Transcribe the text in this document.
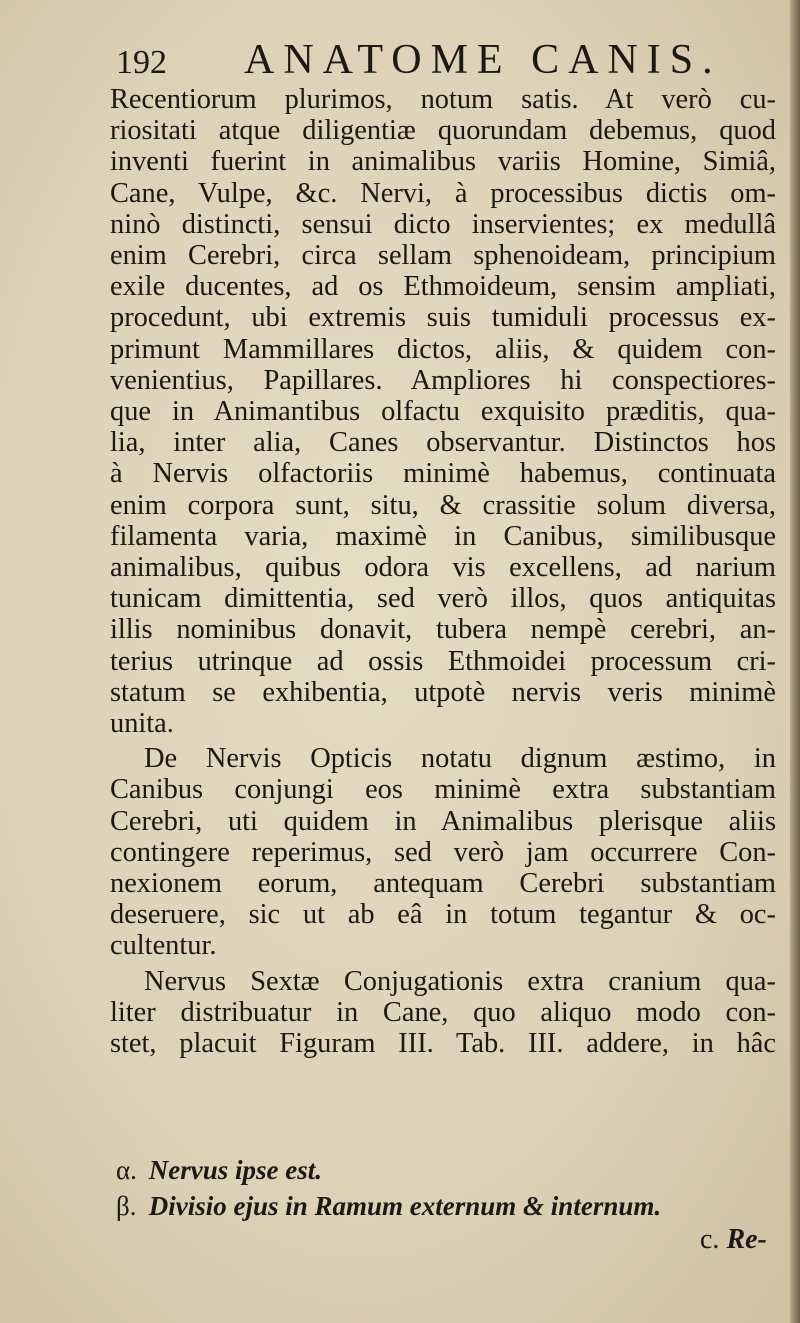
192 ANATOME CANIS.
Recentiorum plurimos, notum satis. At verò cu-
riositati atque diligentiæ quorundam debemus, quod
inventi fuerint in animalibus variis Homine, Simiâ,
Cane, Vulpe, &c. Nervi, à processibus dictis om-
ninò distincti, sensui dicto inservientes; ex medullâ
enim Cerebri, circa sellam sphenoideam, principium
exile ducentes, ad os Ethmoideum, sensim ampliati,
procedunt, ubi extremis suis tumiduli processus ex-
primunt Mammillares dictos, aliis, & quidem con-
venientius, Papillares. Ampliores hi conspectiores-
que in Animantibus olfactu exquisito præditis, qua-
lia, inter alia, Canes observantur. Distinctos hos
à Nervis olfactoriis minimè habemus, continuata
enim corpora sunt, situ, & crassitie solum diversa,
filamenta varia, maximè in Canibus, similibusque
animalibus, quibus odora vis excellens, ad narium
tunicam dimittentia, sed verò illos, quos antiquitas
illis nominibus donavit, tubera nempè cerebri, an-
terius utrinque ad ossis Ethmoidei processum cri-
statum se exhibentia, utpotè nervis veris minimè
unita.
De Nervis Opticis notatu dignum æstimo, in
Canibus conjungi eos minimè extra substantiam
Cerebri, uti quidem in Animalibus plerisque aliis
contingere reperimus, sed verò jam occurrere Con-
nexionem eorum, antequam Cerebri substantiam
deseruere, sic ut ab eâ in totum tegantur & oc-
cultentur.
Nervus Sextæ Conjugationis extra cranium qua-
liter distribuatur in Cane, quo aliquo modo con-
stet, placuit Figuram III. Tab. III. addere, in hâc
α. Nervus ipse est.
β. Divisio ejus in Ramum externum & internum.
c. Re-
